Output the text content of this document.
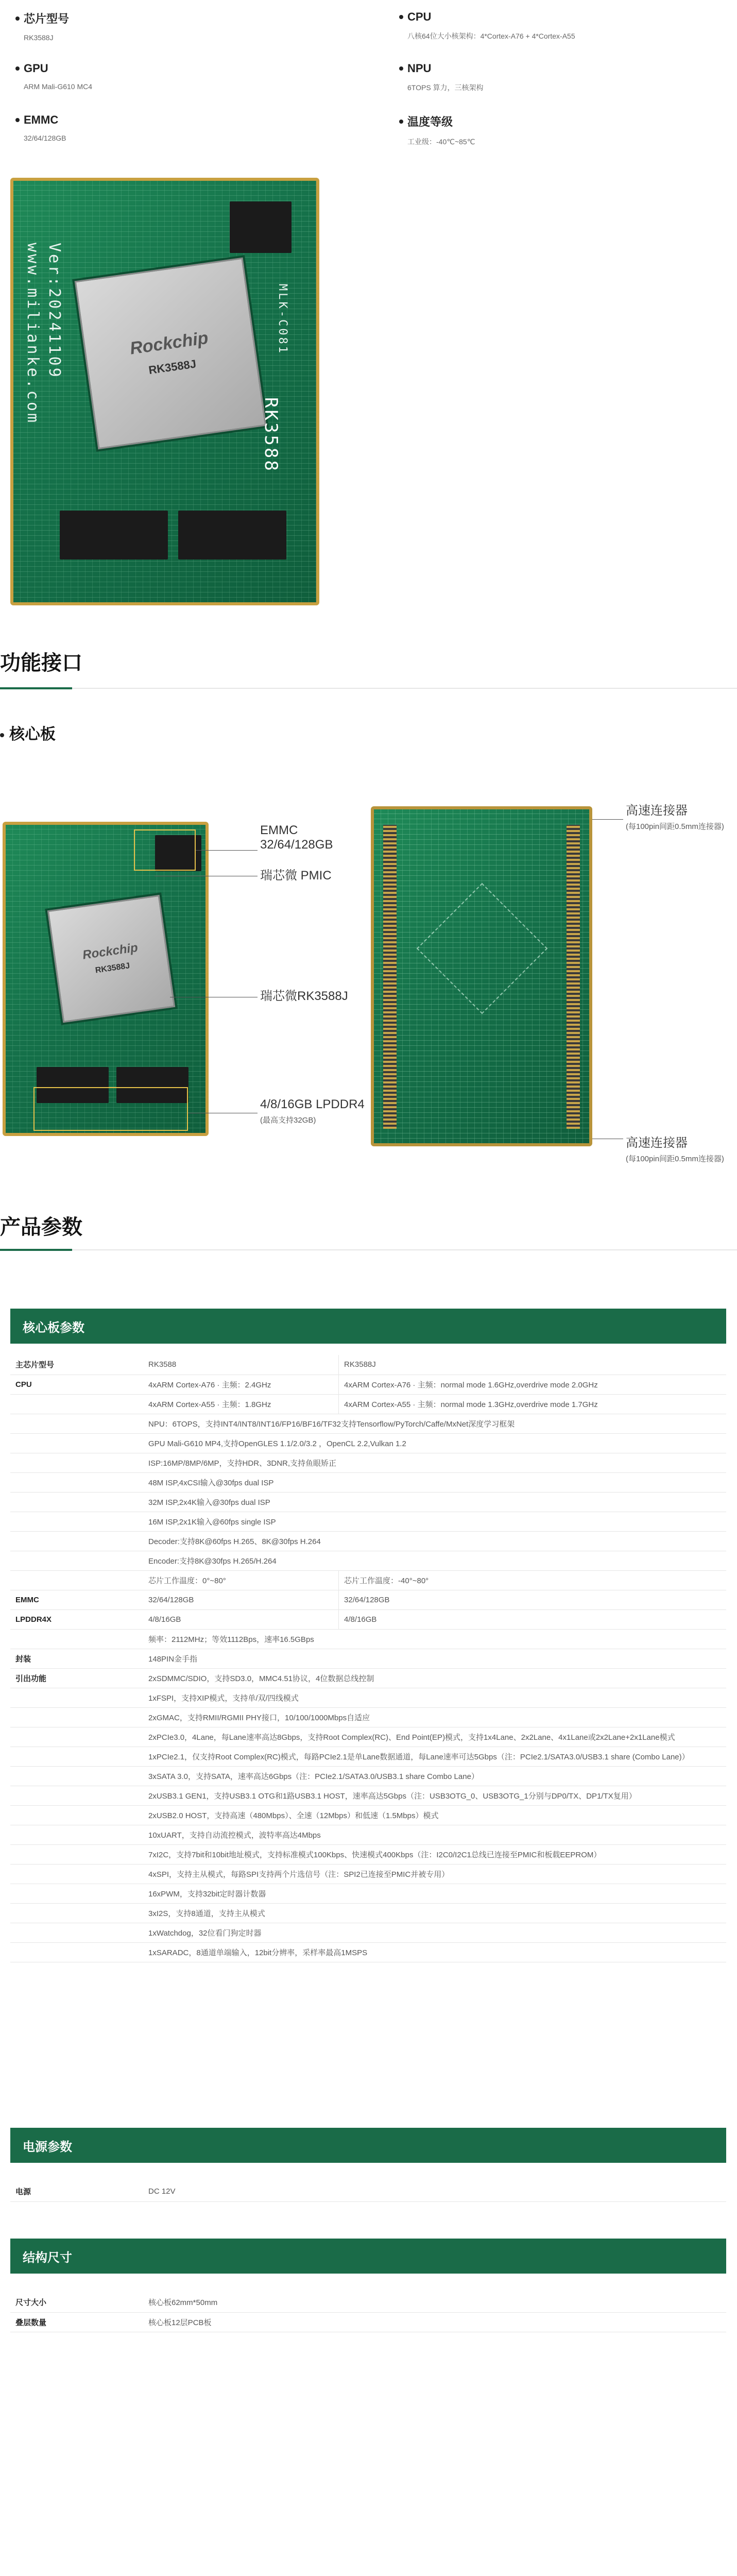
芯片型号
RK3588J
CPU
八核64位大小核架构：4*Cortex-A76 + 4*Cortex-A55
GPU
ARM Mali-G610 MC4
NPU
6TOPS 算力，三核架构
EMMC
32/64/128GB
温度等级
工业级：-40℃~85℃
www.milianke.com Ver:20241109	Rockchip
RK3588J
RK3588
MLK-C081
功能接口
核心板
Rockchip
RK3588J
EMMC
32/64/128GB
瑞芯微 PMIC
瑞芯微RK3588J
4/8/16GB LPDDR4
(最高支持32GB)
高速连接器
(每100pin间距0.5mm连接器)
高速连接器
(每100pin间距0.5mm连接器)
产品参数
核心板参数
主芯片型号	RK3588	RK3588J
CPU	4xARM Cortex-A76 · 主频：2.4GHz	4xARM Cortex-A76 · 主频：normal mode 1.6GHz,overdrive mode 2.0GHz
	4xARM Cortex-A55 · 主频：1.8GHz	4xARM Cortex-A55 · 主频：normal mode 1.3GHz,overdrive mode 1.7GHz
	NPU：6TOPS，支持INT4/INT8/INT16/FP16/BF16/TF32支持Tensorflow/PyTorch/Caffe/MxNet深度学习框架	
	GPU Mali-G610 MP4,支持OpenGLES 1.1/2.0/3.2 ，OpenCL 2.2,Vulkan 1.2	
	ISP:16MP/8MP/6MP，支持HDR、3DNR,支持鱼眼矫正	
	48M ISP,4xCSI输入@30fps dual ISP	
	32M ISP,2x4K输入@30fps dual ISP	
	16M ISP,2x1K输入@60fps single ISP	
	Decoder:支持8K@60fps H.265、8K@30fps H.264	
	Encoder:支持8K@30fps H.265/H.264	
	芯片工作温度：0°~80°	芯片工作温度：-40°~80°
EMMC	32/64/128GB	32/64/128GB
LPDDR4X	4/8/16GB	4/8/16GB
	频率：2112MHz；等效1112Bps，速率16.5GBps	
封装	148PIN金手指	
引出功能	2xSDMMC/SDIO，支持SD3.0，MMC4.51协议，4位数据总线控制	
	1xFSPI，支持XIP模式，支持单/双/四线模式	
	2xGMAC，支持RMII/RGMII PHY接口，10/100/1000Mbps自适应	
	2xPCIe3.0，4Lane，每Lane速率高达8Gbps，支持Root Complex(RC)、End Point(EP)模式，支持1x4Lane、2x2Lane、4x1Lane或2x2Lane+2x1Lane模式	
	1xPCIe2.1，仅支持Root Complex(RC)模式，每路PCIe2.1是单Lane数据通道，每Lane速率可达5Gbps（注：PCIe2.1/SATA3.0/USB3.1 share (Combo Lane)）	
	3xSATA 3.0，支持SATA，速率高达6Gbps（注：PCIe2.1/SATA3.0/USB3.1 share Combo Lane）	
	2xUSB3.1 GEN1，支持USB3.1 OTG和1路USB3.1 HOST，速率高达5Gbps（注：USB3OTG_0、USB3OTG_1分别与DP0/TX、DP1/TX复用）	
	2xUSB2.0 HOST，支持高速（480Mbps）、全速（12Mbps）和低速（1.5Mbps）模式	
	10xUART，支持自动流控模式，波特率高达4Mbps	
	7xI2C，支持7bit和10bit地址模式，支持标准模式100Kbps、快速模式400Kbps（注：I2C0/I2C1总线已连接至PMIC和板载EEPROM）	
	4xSPI，支持主从模式，每路SPI支持两个片选信号（注：SPI2已连接至PMIC并被专用）	
	16xPWM，支持32bit定时器计数器	
	3xI2S，支持8通道，支持主从模式	
	1xWatchdog，32位看门狗定时器	
	1xSARADC，8通道单端输入，12bit分辨率，采样率最高1MSPS	
电源参数
电源	DC 12V
结构尺寸
尺寸大小	核心板62mm*50mm
叠层数量	核心板12层PCB板
